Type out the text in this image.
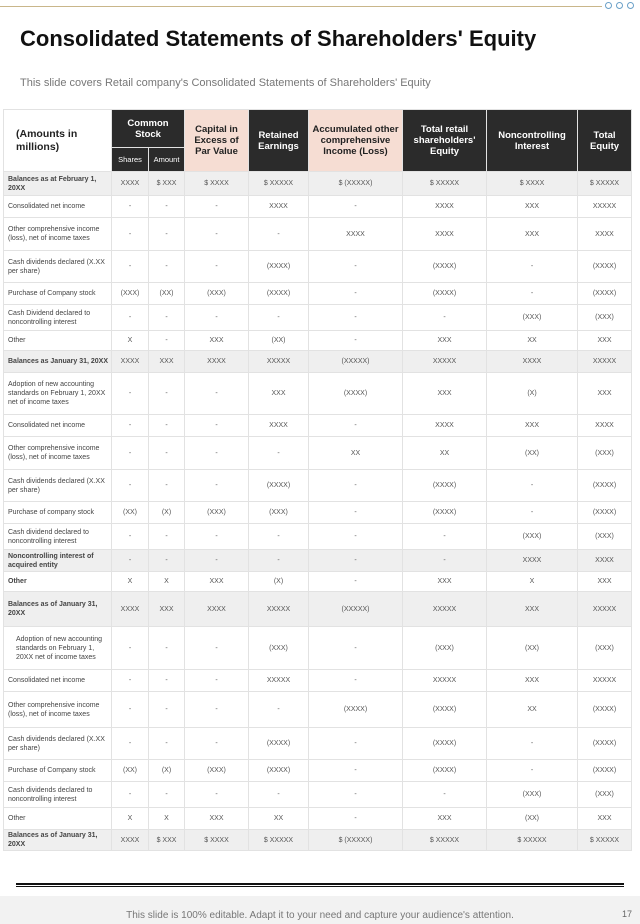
Consolidated Statements of Shareholders' Equity
This slide covers Retail company's Consolidated Statements of Shareholders' Equity
(Amounts in millions)	Common Stock		Capital in Excess of Par Value	Retained Earnings	Accumulated other comprehensive Income (Loss)	Total retail shareholders' Equity	Noncontrolling Interest	Total Equity
	Shares	Amount						
Balances as at February 1, 20XX	XXXX	$ XXX	$ XXXX	$ XXXXX	$ (XXXXX)	$ XXXXX	$ XXXX	$ XXXXX
Consolidated net income	-	-	-	XXXX	-	XXXX	XXX	XXXXX
Other comprehensive income (loss), net of income taxes	-	-	-	-	XXXX	XXXX	XXX	XXXX
Cash dividends declared (X.XX per share)	-	-	-	(XXXX)	-	(XXXX)	-	(XXXX)
Purchase of Company stock	(XXX)	(XX)	(XXX)	(XXXX)	-	(XXXX)	-	(XXXX)
Cash Dividend declared to noncontrolling interest	-	-	-	-	-	-	(XXX)	(XXX)
Other	X	-	XXX	(XX)	-	XXX	XX	XXX
Balances as January 31, 20XX	XXXX	XXX	XXXX	XXXXX	(XXXXX)	XXXXX	XXXX	XXXXX
Adoption of new accounting standards on February 1, 20XX net of income taxes	-	-	-	XXX	(XXXX)	XXX	(X)	XXX
Consolidated net income	-	-	-	XXXX	-	XXXX	XXX	XXXX
Other comprehensive income (loss), net of income taxes	-	-	-	-	XX	XX	(XX)	(XXX)
Cash dividends declared (X.XX per share)	-	-	-	(XXXX)	-	(XXXX)	-	(XXXX)
Purchase of company stock	(XX)	(X)	(XXX)	(XXX)	-	(XXXX)	-	(XXXX)
Cash dividend declared to noncontrolling interest	-	-	-	-	-	-	(XXX)	(XXX)
Noncontrolling interest of acquired entity	-	-	-	-	-	-	XXXX	XXXX
Other	X	X	XXX	(X)	-	XXX	X	XXX
Balances as of January 31, 20XX	XXXX	XXX	XXXX	XXXXX	(XXXXX)	XXXXX	XXX	XXXXX
Adoption of new accounting standards on February 1, 20XX net of income taxes	-	-	-	(XXX)	-	(XXX)	(XX)	(XXX)
Consolidated net income	-	-	-	XXXXX	-	XXXXX	XXX	XXXXX
Other comprehensive income (loss), net of income taxes	-	-	-	-	(XXXX)	(XXXX)	XX	(XXXX)
Cash dividends declared (X.XX per share)	-	-	-	(XXXX)	-	(XXXX)	-	(XXXX)
Purchase of Company stock	(XX)	(X)	(XXX)	(XXXX)	-	(XXXX)	-	(XXXX)
Cash dividends declared to noncontrolling interest	-	-	-	-	-	-	(XXX)	(XXX)
Other	X	X	XXX	XX	-	XXX	(XX)	XXX
Balances as of January 31, 20XX	XXXX	$ XXX	$ XXXX	$ XXXXX	$ (XXXXX)	$ XXXXX	$ XXXXX	$ XXXXX
This slide is 100% editable. Adapt it to your need and capture your audience's attention.	17
